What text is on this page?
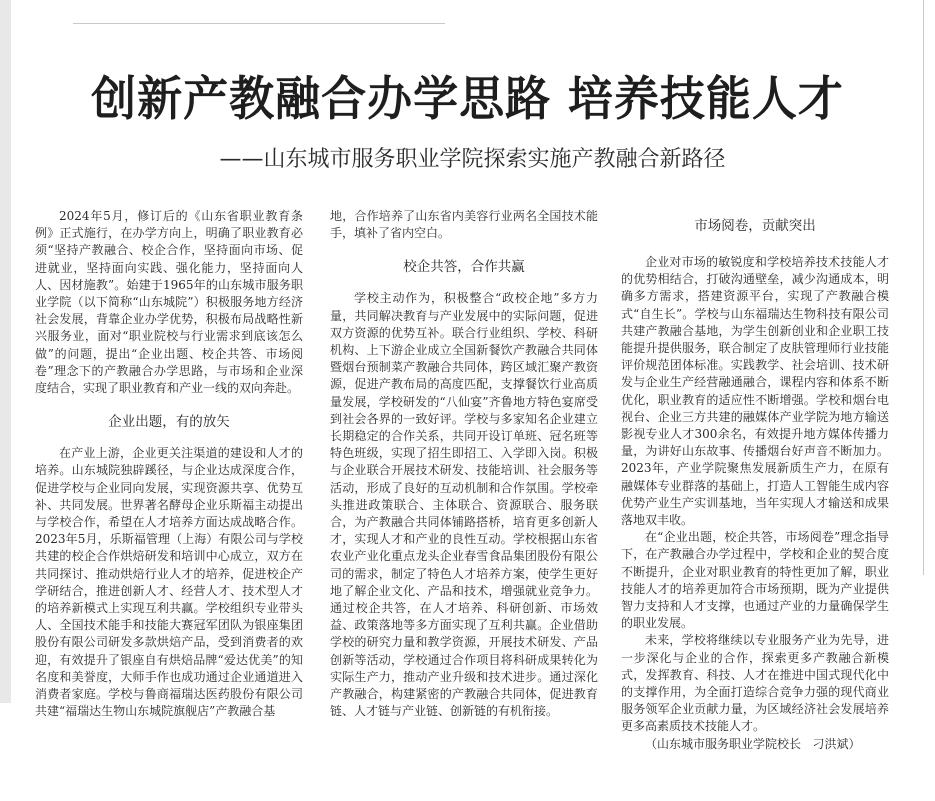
创新产教融合办学思路 培养技能人才
——山东城市服务职业学院探索实施产教融合新路径

2024年5月，修订后的《山东省职业教育条例》正式施行，在办学方向上，明确了职业教育必须“坚持产教融合、校企合作，坚持面向市场、促进就业，坚持面向实践、强化能力，坚持面向人人、因材施教”。始建于1965年的山东城市服务职业学院（以下简称“山东城院”）积极服务地方经济社会发展，背靠企业办学优势，积极布局战略性新兴服务业，面对“职业院校与行业需求到底该怎么做”的问题，提出“企业出题、校企共答、市场阅卷”理念下的产教融合办学思路，与市场和企业深度结合，实现了职业教育和产业一线的双向奔赴。

企业出题，有的放矢

在产业上游，企业更关注渠道的建设和人才的培养。山东城院独辟蹊径，与企业达成深度合作，促进学校与企业同向发展，实现资源共享、优势互补、共同发展。世界著名酵母企业乐斯福主动提出与学校合作，希望在人才培养方面达成战略合作。2023年5月，乐斯福管理（上海）有限公司与学校共建的校企合作烘焙研发和培训中心成立，双方在共同探讨、推动烘焙行业人才的培养，促进校企产学研结合，推进创新人才、经营人才、技术型人才的培养新模式上实现互利共赢。学校组织专业带头人、全国技术能手和技能大赛冠军团队为银座集团股份有限公司研发多款烘焙产品，受到消费者的欢迎，有效提升了银座自有烘焙品牌“爱达优美”的知名度和美誉度，大师手作也成功通过企业通道进入消费者家庭。学校与鲁商福瑞达医药股份有限公司共建“福瑞达生物山东城院旗舰店”产教融合基

地，合作培养了山东省内美容行业两名全国技术能手，填补了省内空白。

校企共答，合作共赢

学校主动作为，积极整合“政校企地”多方力量，共同解决教育与产业发展中的实际问题，促进双方资源的优势互补。联合行业组织、学校、科研机构、上下游企业成立全国新餐饮产教融合共同体暨烟台预制菜产教融合共同体，跨区域汇聚产教资源，促进产教布局的高度匹配，支撑餐饮行业高质量发展，学校研发的“八仙宴”齐鲁地方特色宴席受到社会各界的一致好评。学校与多家知名企业建立长期稳定的合作关系，共同开设订单班、冠名班等特色班级，实现了招生即招工、入学即入岗。积极与企业联合开展技术研发、技能培训、社会服务等活动，形成了良好的互动机制和合作氛围。学校牵头推进政策联合、主体联合、资源联合、服务联合，为产教融合共同体铺路搭桥，培育更多创新人才，实现人才和产业的良性互动。学校根据山东省农业产业化重点龙头企业春雪食品集团股份有限公司的需求，制定了特色人才培养方案，使学生更好地了解企业文化、产品和技术，增强就业竞争力。通过校企共答，在人才培养、科研创新、市场效益、政策落地等多方面实现了互利共赢。企业借助学校的研究力量和教学资源，开展技术研发、产品创新等活动，学校通过合作项目将科研成果转化为实际生产力，推动产业升级和技术进步。通过深化产教融合，构建紧密的产教融合共同体，促进教育链、人才链与产业链、创新链的有机衔接。

市场阅卷，贡献突出

企业对市场的敏锐度和学校培养技术技能人才的优势相结合，打破沟通壁垒，减少沟通成本，明确多方需求，搭建资源平台，实现了产教融合模式“自生长”。学校与山东福瑞达生物科技有限公司共建产教融合基地，为学生创新创业和企业职工技能提升提供服务，联合制定了皮肤管理师行业技能评价规范团体标准。实践教学、社会培训、技术研发与企业生产经营融通融合，课程内容和体系不断优化，职业教育的适应性不断增强。学校和烟台电视台、企业三方共建的融媒体产业学院为地方输送影视专业人才300余名，有效提升地方媒体传播力量，为讲好山东故事、传播烟台好声音不断加力。2023年，产业学院聚焦发展新质生产力，在原有融媒体专业群落的基础上，打造人工智能生成内容优势产业生产实训基地，当年实现人才输送和成果落地双丰收。

在“企业出题，校企共答，市场阅卷”理念指导下，在产教融合办学过程中，学校和企业的契合度不断提升，企业对职业教育的特性更加了解，职业技能人才的培养更加符合市场预期，既为产业提供智力支持和人才支撑，也通过产业的力量确保学生的职业发展。

未来，学校将继续以专业服务产业为先导，进一步深化与企业的合作，探索更多产教融合新模式，发挥教育、科技、人才在推进中国式现代化中的支撑作用，为全面打造综合竞争力强的现代商业服务领军企业贡献力量，为区域经济社会发展培养更多高素质技术技能人才。

（山东城市服务职业学院校长   刁洪斌）
